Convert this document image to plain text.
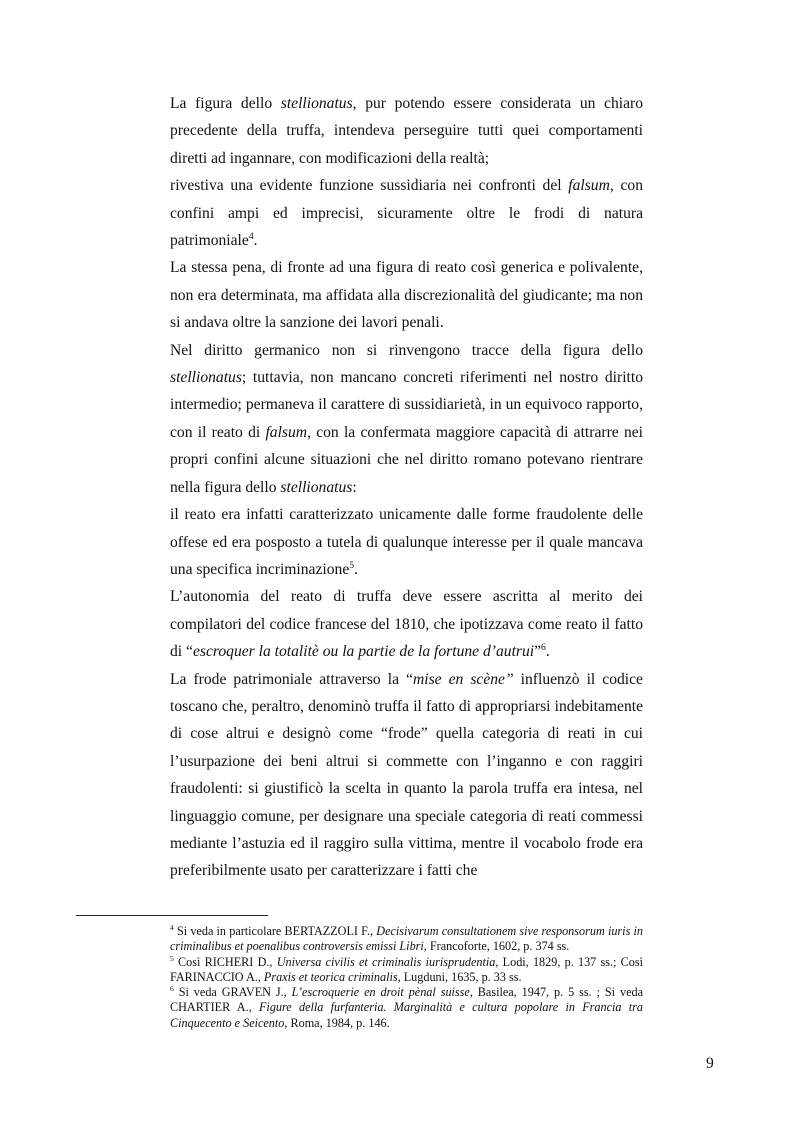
La figura dello stellionatus, pur potendo essere considerata un chiaro precedente della truffa, intendeva perseguire tutti quei comportamenti diretti ad ingannare, con modificazioni della realtà;

rivestiva una evidente funzione sussidiaria nei confronti del falsum, con confini ampi ed imprecisi, sicuramente oltre le frodi di natura patrimoniale$^4$.

La stessa pena, di fronte ad una figura di reato così generica e polivalente, non era determinata, ma affidata alla discrezionalità del giudicante; ma non si andava oltre la sanzione dei lavori penali.

Nel diritto germanico non si rinvengono tracce della figura dello stellionatus; tuttavia, non mancano concreti riferimenti nel nostro diritto intermedio; permaneva il carattere di sussidiarietà, in un equivoco rapporto, con il reato di falsum, con la confermata maggiore capacità di attrarre nei propri confini alcune situazioni che nel diritto romano potevano rientrare nella figura dello stellionatus:

il reato era infatti caratterizzato unicamente dalle forme fraudolente delle offese ed era posposto a tutela di qualunque interesse per il quale mancava una specifica incriminazione$^5$.

L’autonomia del reato di truffa deve essere ascritta al merito dei compilatori del codice francese del 1810, che ipotizzava come reato il fatto di “escroquer la totalitè ou la partie de la fortune d’autrui”$^6$.

La frode patrimoniale attraverso la “mise en scène” influenzò il codice toscano che, peraltro, denominò truffa il fatto di appropriarsi indebitamente di cose altrui e designò come “frode” quella categoria di reati in cui l’usurpazione dei beni altrui si commette con l’inganno e con raggiri fraudolenti: si giustificò la scelta in quanto la parola truffa era intesa, nel linguaggio comune, per designare una speciale categoria di reati commessi mediante l’astuzia ed il raggiro sulla vittima, mentre il vocabolo frode era preferibilmente usato per caratterizzare i fatti che

$^4$ Si veda in particolare BERTAZZOLI F., Decisivarum consultationem sive responsorum iuris in criminalibus et poenalibus controversis emissi Libri, Francoforte, 1602, p. 374 ss.

$^5$ Così RICHERI D., Universa civilis et criminalis iurisprudentia, Lodi, 1829, p. 137 ss.; Così FARINACCIO A., Praxis et teorica criminalis, Lugduni, 1635, p. 33 ss.

$^6$ Si veda GRAVEN J., L’escroquerie en droit pènal suisse, Basilea, 1947, p. 5 ss. ; Si veda CHARTIER A., Figure della furfanteria. Marginalità e cultura popolare in Francia tra Cinquecento e Seicento, Roma, 1984, p. 146.

9
